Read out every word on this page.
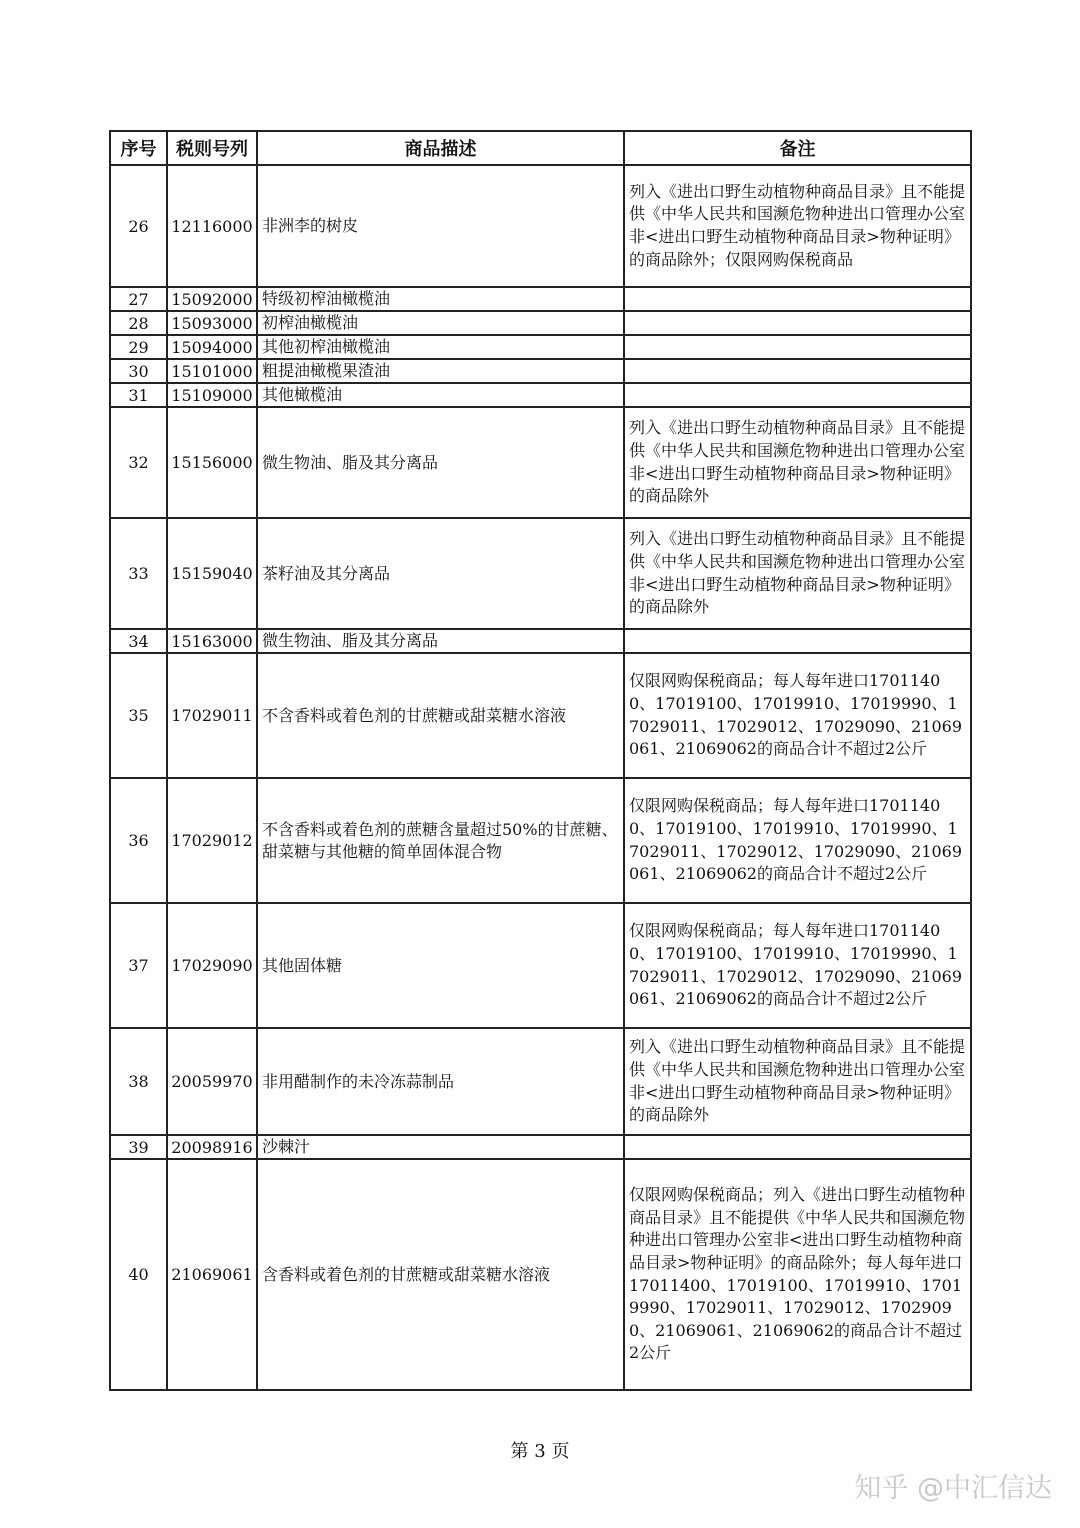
序号	税则号列	商品描述	备注
26	12116000	非洲李的树皮	列入《进出口野生动植物种商品目录》且不能提供《中华人民共和国濒危物种进出口管理办公室非<进出口野生动植物种商品目录>物种证明》的商品除外；仅限网购保税商品
27	15092000	特级初榨油橄榄油	
28	15093000	初榨油橄榄油	
29	15094000	其他初榨油橄榄油	
30	15101000	粗提油橄榄果渣油	
31	15109000	其他橄榄油	
32	15156000	微生物油、脂及其分离品	列入《进出口野生动植物种商品目录》且不能提供《中华人民共和国濒危物种进出口管理办公室非<进出口野生动植物种商品目录>物种证明》的商品除外
33	15159040	茶籽油及其分离品	列入《进出口野生动植物种商品目录》且不能提供《中华人民共和国濒危物种进出口管理办公室非<进出口野生动植物种商品目录>物种证明》的商品除外
34	15163000	微生物油、脂及其分离品	
35	17029011	不含香料或着色剂的甘蔗糖或甜菜糖水溶液	仅限网购保税商品；每人每年进口17011400、17019100、17019910、17019990、17029011、17029012、17029090、21069061、21069062的商品合计不超过2公斤
36	17029012	不含香料或着色剂的蔗糖含量超过50%的甘蔗糖、甜菜糖与其他糖的简单固体混合物	仅限网购保税商品；每人每年进口17011400、17019100、17019910、17019990、17029011、17029012、17029090、21069061、21069062的商品合计不超过2公斤
37	17029090	其他固体糖	仅限网购保税商品；每人每年进口17011400、17019100、17019910、17019990、17029011、17029012、17029090、21069061、21069062的商品合计不超过2公斤
38	20059970	非用醋制作的未冷冻蒜制品	列入《进出口野生动植物种商品目录》且不能提供《中华人民共和国濒危物种进出口管理办公室非<进出口野生动植物种商品目录>物种证明》的商品除外
39	20098916	沙棘汁	
40	21069061	含香料或着色剂的甘蔗糖或甜菜糖水溶液	仅限网购保税商品；列入《进出口野生动植物种商品目录》且不能提供《中华人民共和国濒危物种进出口管理办公室非<进出口野生动植物种商品目录>物种证明》的商品除外；每人每年进口17011400、17019100、17019910、17019990、17029011、17029012、17029090、21069061、21069062的商品合计不超过2公斤
第 3 页
知乎 @中汇信达
